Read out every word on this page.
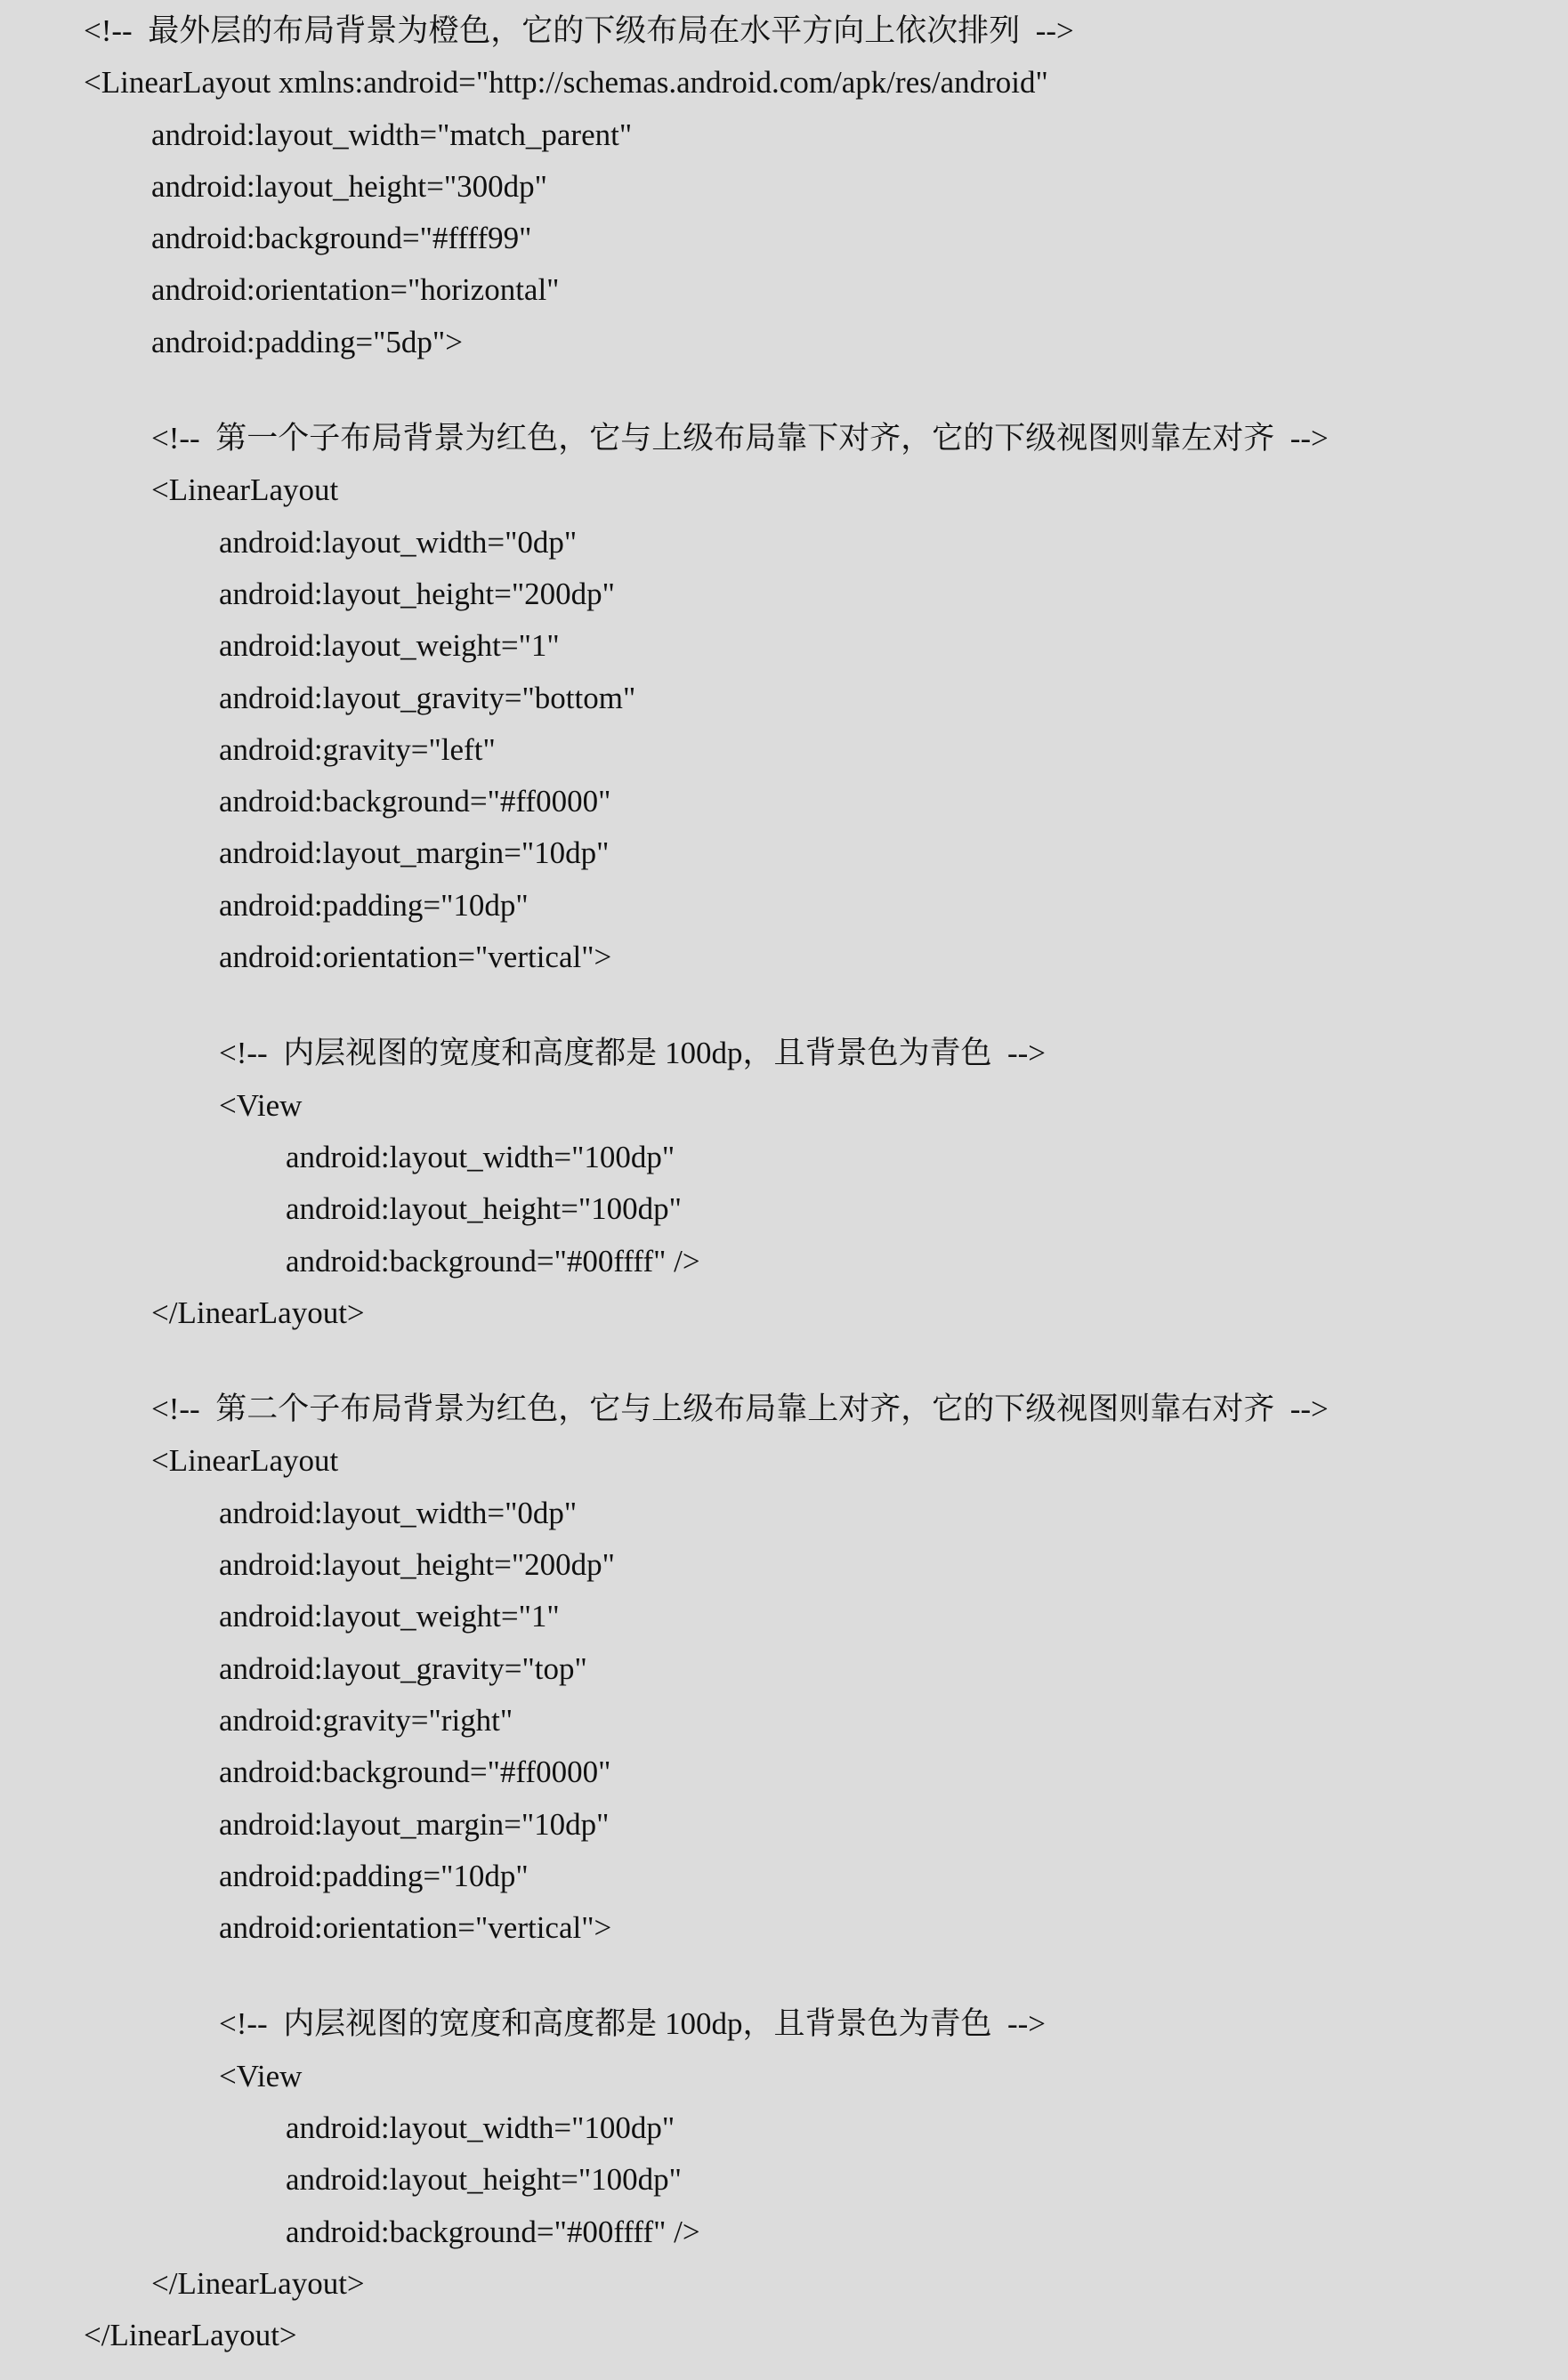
<!--  最外层的布局背景为橙色，它的下级布局在水平方向上依次排列  -->
<LinearLayout xmlns:android="http://schemas.android.com/apk/res/android"
android:layout_width="match_parent"
android:layout_height="300dp"
android:background="#ffff99"
android:orientation="horizontal"
android:padding="5dp">
<!--  第一个子布局背景为红色，它与上级布局靠下对齐，它的下级视图则靠左对齐  -->
<LinearLayout
android:layout_width="0dp"
android:layout_height="200dp"
android:layout_weight="1"
android:layout_gravity="bottom"
android:gravity="left"
android:background="#ff0000"
android:layout_margin="10dp"
android:padding="10dp"
android:orientation="vertical">
<!--  内层视图的宽度和高度都是 100dp，且背景色为青色  -->
<View
android:layout_width="100dp"
android:layout_height="100dp"
android:background="#00ffff" />
</LinearLayout>
<!--  第二个子布局背景为红色，它与上级布局靠上对齐，它的下级视图则靠右对齐  -->
<LinearLayout
android:layout_width="0dp"
android:layout_height="200dp"
android:layout_weight="1"
android:layout_gravity="top"
android:gravity="right"
android:background="#ff0000"
android:layout_margin="10dp"
android:padding="10dp"
android:orientation="vertical">
<!--  内层视图的宽度和高度都是 100dp，且背景色为青色  -->
<View
android:layout_width="100dp"
android:layout_height="100dp"
android:background="#00ffff" />
</LinearLayout>
</LinearLayout>
